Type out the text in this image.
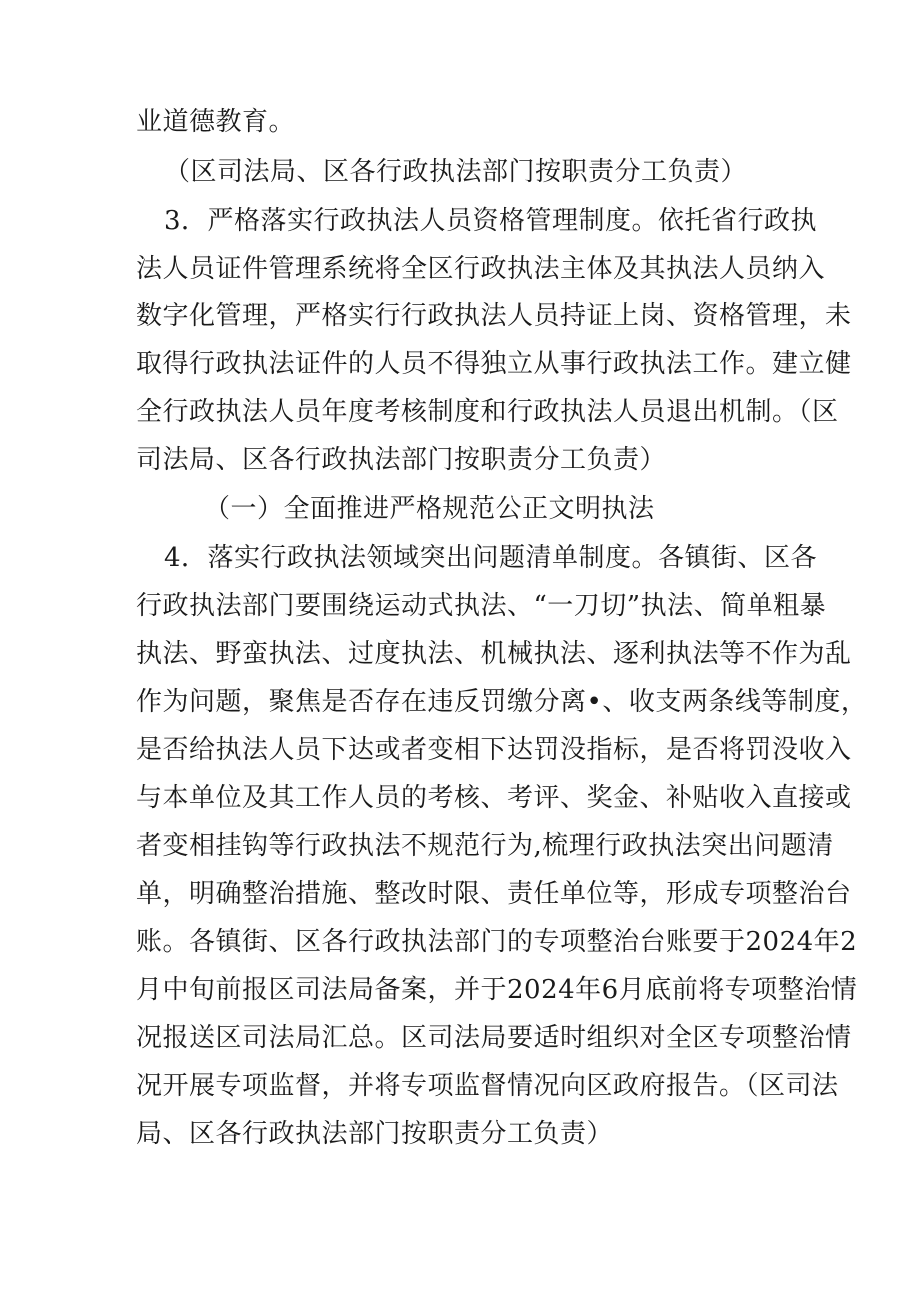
业道德教育。
（区司法局、区各行政执法部门按职责分工负责）
3．严格落实行政执法人员资格管理制度。依托省行政执
法人员证件管理系统将全区行政执法主体及其执法人员纳入
数字化管理，严格实行行政执法人员持证上岗、资格管理，未
取得行政执法证件的人员不得独立从事行政执法工作。建立健
全行政执法人员年度考核制度和行政执法人员退出机制。（区
司法局、区各行政执法部门按职责分工负责）
（一）全面推进严格规范公正文明执法
4．落实行政执法领域突出问题清单制度。各镇街、区各
行政执法部门要围绕运动式执法、“一刀切”执法、简单粗暴
执法、野蛮执法、过度执法、机械执法、逐利执法等不作为乱
作为问题，聚焦是否存在违反罚缴分离•、收支两条线等制度，
是否给执法人员下达或者变相下达罚没指标，是否将罚没收入
与本单位及其工作人员的考核、考评、奖金、补贴收入直接或
者变相挂钩等行政执法不规范行为,梳理行政执法突出问题清
单，明确整治措施、整改时限、责任单位等，形成专项整治台
账。各镇街、区各行政执法部门的专项整治台账要于2024年2
月中旬前报区司法局备案，并于2024年6月底前将专项整治情
况报送区司法局汇总。区司法局要适时组织对全区专项整治情
况开展专项监督，并将专项监督情况向区政府报告。（区司法
局、区各行政执法部门按职责分工负责）
